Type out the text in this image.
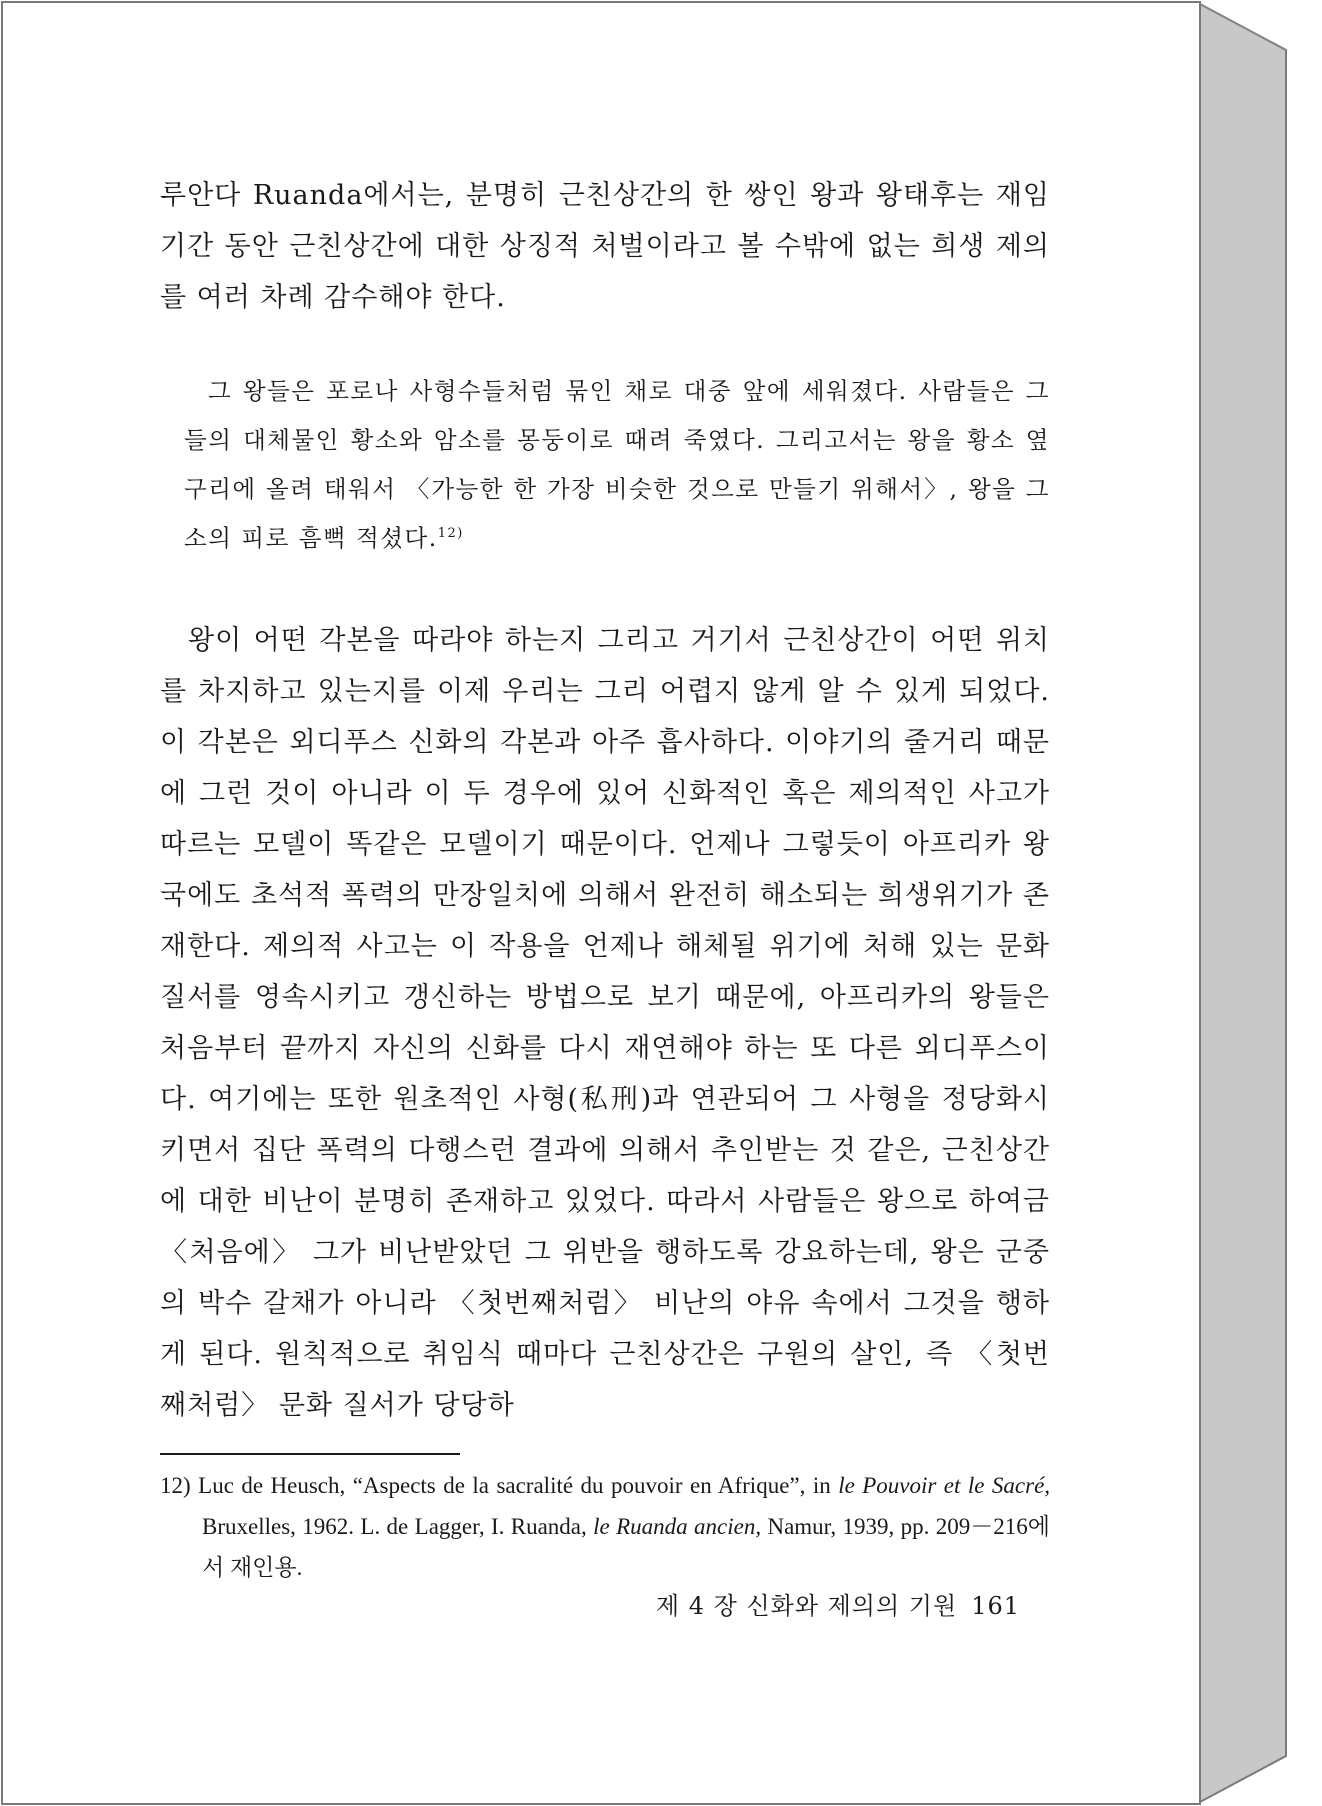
루안다 Ruanda에서는, 분명히 근친상간의 한 쌍인 왕과 왕태후는 재임 기간 동안 근친상간에 대한 상징적 처벌이라고 볼 수밖에 없는 희생 제의를 여러 차례 감수해야 한다.

그 왕들은 포로나 사형수들처럼 묶인 채로 대중 앞에 세워졌다. 사람들은 그들의 대체물인 황소와 암소를 몽둥이로 때려 죽였다. 그리고서는 왕을 황소 옆구리에 올려 태워서 〈가능한 한 가장 비슷한 것으로 만들기 위해서〉, 왕을 그 소의 피로 흠뻑 적셨다.$^{12)}$

왕이 어떤 각본을 따라야 하는지 그리고 거기서 근친상간이 어떤 위치를 차지하고 있는지를 이제 우리는 그리 어렵지 않게 알 수 있게 되었다. 이 각본은 외디푸스 신화의 각본과 아주 흡사하다. 이야기의 줄거리 때문에 그런 것이 아니라 이 두 경우에 있어 신화적인 혹은 제의적인 사고가 따르는 모델이 똑같은 모델이기 때문이다. 언제나 그렇듯이 아프리카 왕국에도 초석적 폭력의 만장일치에 의해서 완전히 해소되는 희생위기가 존재한다. 제의적 사고는 이 작용을 언제나 해체될 위기에 처해 있는 문화 질서를 영속시키고 갱신하는 방법으로 보기 때문에, 아프리카의 왕들은 처음부터 끝까지 자신의 신화를 다시 재연해야 하는 또 다른 외디푸스이다. 여기에는 또한 원초적인 사형(私刑)과 연관되어 그 사형을 정당화시키면서 집단 폭력의 다행스런 결과에 의해서 추인받는 것 같은, 근친상간에 대한 비난이 분명히 존재하고 있었다. 따라서 사람들은 왕으로 하여금 〈처음에〉 그가 비난받았던 그 위반을 행하도록 강요하는데, 왕은 군중의 박수 갈채가 아니라 〈첫번째처럼〉 비난의 야유 속에서 그것을 행하게 된다. 원칙적으로 취임식 때마다 근친상간은 구원의 살인, 즉 〈첫번째처럼〉 문화 질서가 당당하

12) Luc de Heusch, “Aspects de la sacralité du pouvoir en Afrique”, in le Pouvoir et le Sacré, Bruxelles, 1962. L. de Lagger, I. Ruanda, le Ruanda ancien, Namur, 1939, pp. 209－216에서 재인용.

제 4 장 신화와 제의의 기원 161
